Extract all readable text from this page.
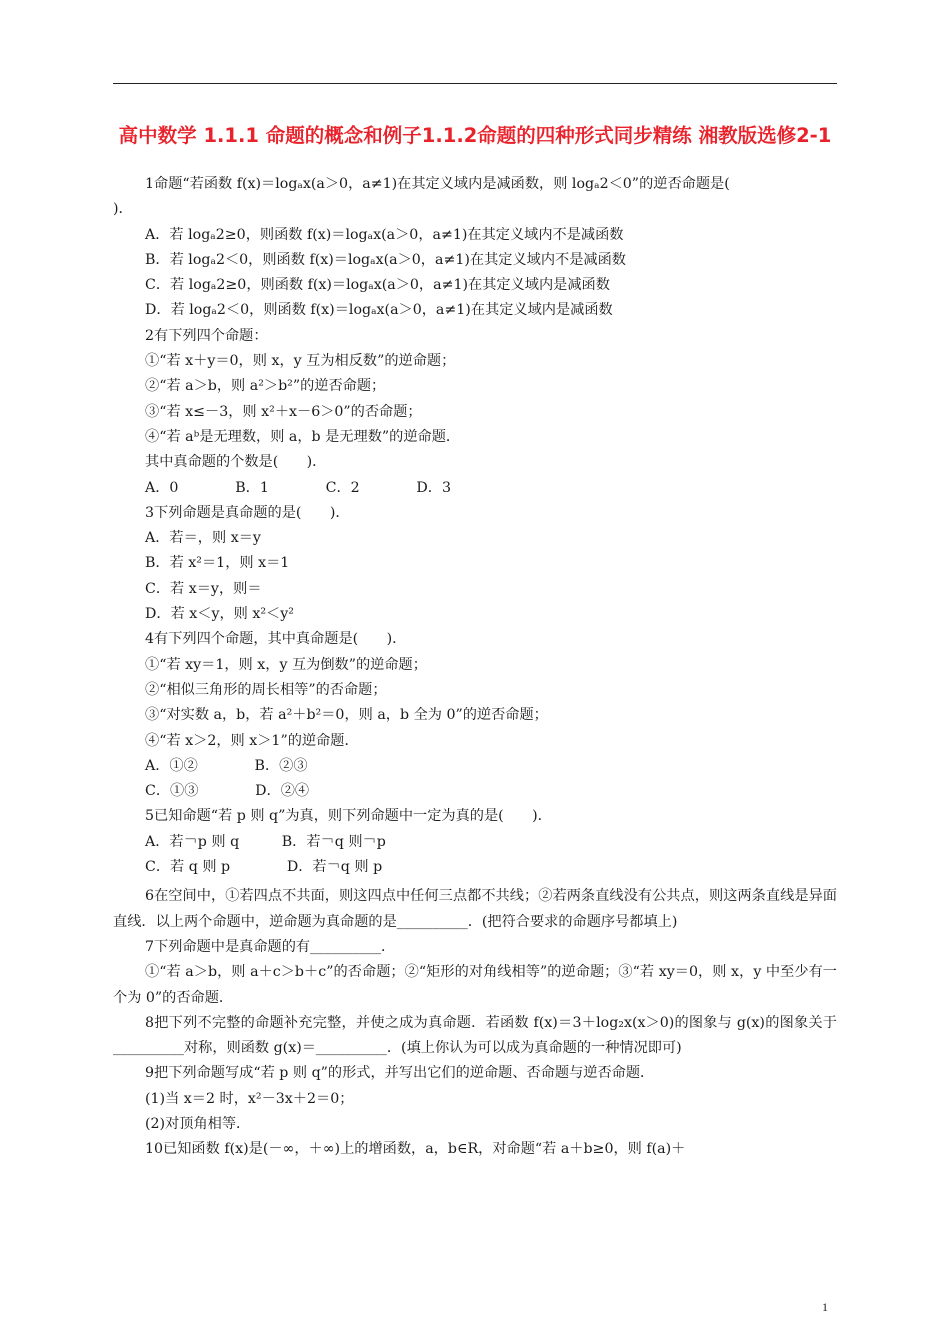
高中数学 1.1.1 命题的概念和例子1.1.2命题的四种形式同步精练 湘教版选修2-1
1命题“若函数 f(x)＝logₐx(a＞0，a≠1)在其定义域内是减函数，则 logₐ2＜0”的逆否命题是(
)．
A．若 logₐ2≥0，则函数 f(x)＝logₐx(a＞0，a≠1)在其定义域内不是减函数
B．若 logₐ2＜0，则函数 f(x)＝logₐx(a＞0，a≠1)在其定义域内不是减函数
C．若 logₐ2≥0，则函数 f(x)＝logₐx(a＞0，a≠1)在其定义域内是减函数
D．若 logₐ2＜0，则函数 f(x)＝logₐx(a＞0，a≠1)在其定义域内是减函数
2有下列四个命题：
①“若 x＋y＝0，则 x，y 互为相反数”的逆命题；
②“若 a＞b，则 a²＞b²”的逆否命题；
③“若 x≤－3，则 x²＋x－6＞0”的否命题；
④“若 aᵇ是无理数，则 a，b 是无理数”的逆命题．
其中真命题的个数是(　　)．
A．0　　　　B．1　　　　C．2　　　　D．3
3下列命题是真命题的是(　　)．
A．若＝，则 x＝y
B．若 x²＝1，则 x＝1
C．若 x＝y，则＝
D．若 x＜y，则 x²＜y²
4有下列四个命题，其中真命题是(　　)．
①“若 xy＝1，则 x，y 互为倒数”的逆命题；
②“相似三角形的周长相等”的否命题；
③“对实数 a，b，若 a²＋b²＝0，则 a，b 全为 0”的逆否命题；
④“若 x＞2，则 x＞1”的逆命题．
A．①②　　　　B．②③
C．①③　　　　D．②④
5已知命题“若 p 则 q”为真，则下列命题中一定为真的是(　　)．
A．若￢p 则 q　　　B．若￢q 则￢p
C．若 q 则 p　　　　D．若￢q 则 p
6在空间中，①若四点不共面，则这四点中任何三点都不共线；②若两条直线没有公共点，则这两条直线是异面直线．以上两个命题中，逆命题为真命题的是__________．(把符合要求的命题序号都填上)
7下列命题中是真命题的有__________．
①“若 a＞b，则 a＋c＞b＋c”的否命题；②“矩形的对角线相等”的逆命题；③“若 xy＝0，则 x，y 中至少有一个为 0”的否命题．
8把下列不完整的命题补充完整，并使之成为真命题．若函数 f(x)＝3＋log₂x(x＞0)的图象与 g(x)的图象关于__________对称，则函数 g(x)＝__________．(填上你认为可以成为真命题的一种情况即可)
9把下列命题写成“若 p 则 q”的形式，并写出它们的逆命题、否命题与逆否命题．
(1)当 x＝2 时，x²－3x＋2＝0；
(2)对顶角相等．
10已知函数 f(x)是(－∞，＋∞)上的增函数，a，b∈R，对命题“若 a＋b≥0，则 f(a)＋
1
